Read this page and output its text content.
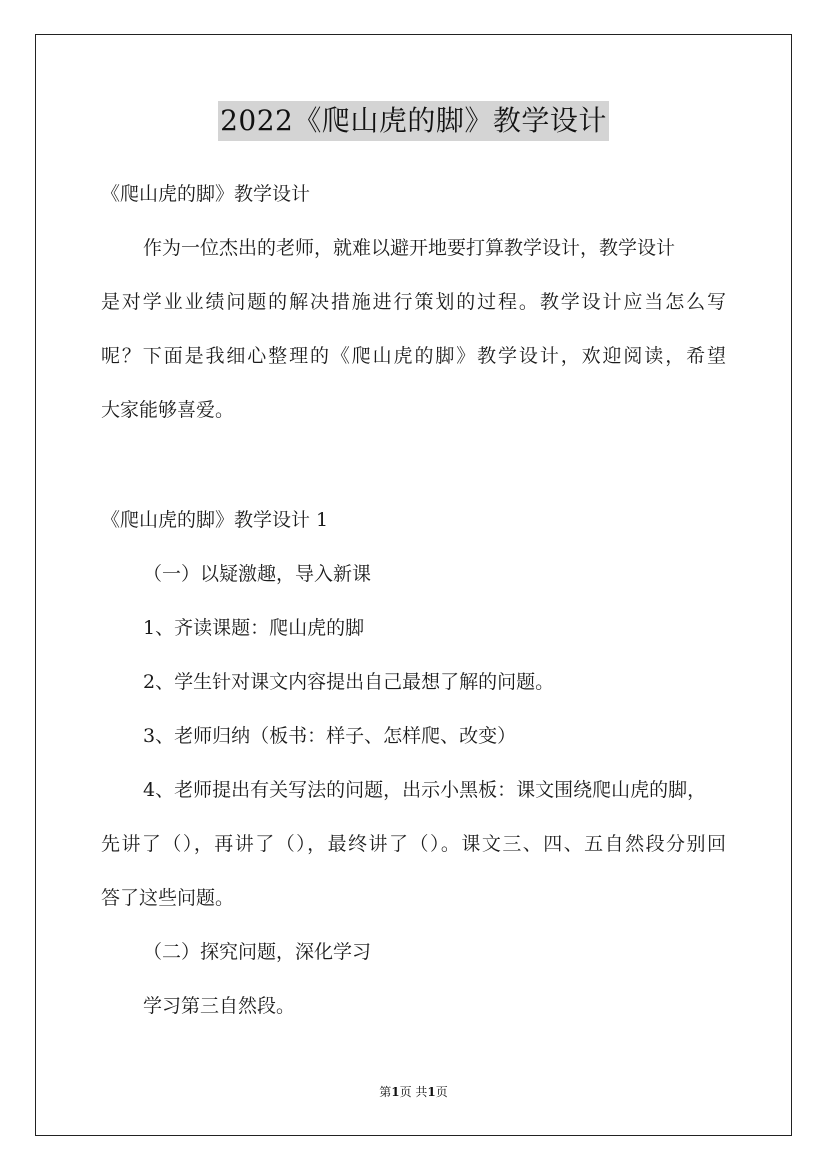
2022《爬山虎的脚》教学设计
《爬山虎的脚》教学设计
作为一位杰出的老师，就难以避开地要打算教学设计，教学设计
是对学业业绩问题的解决措施进行策划的过程。教学设计应当怎么写
呢？下面是我细心整理的《爬山虎的脚》教学设计，欢迎阅读，希望
大家能够喜爱。
《爬山虎的脚》教学设计 1
（一）以疑激趣，导入新课
1、齐读课题：爬山虎的脚
2、学生针对课文内容提出自己最想了解的问题。
3、老师归纳（板书：样子、怎样爬、改变）
4、老师提出有关写法的问题，出示小黑板：课文围绕爬山虎的脚，
先讲了（），再讲了（），最终讲了（）。课文三、四、五自然段分别回
答了这些问题。
（二）探究问题，深化学习
学习第三自然段。
第1页 共1页
